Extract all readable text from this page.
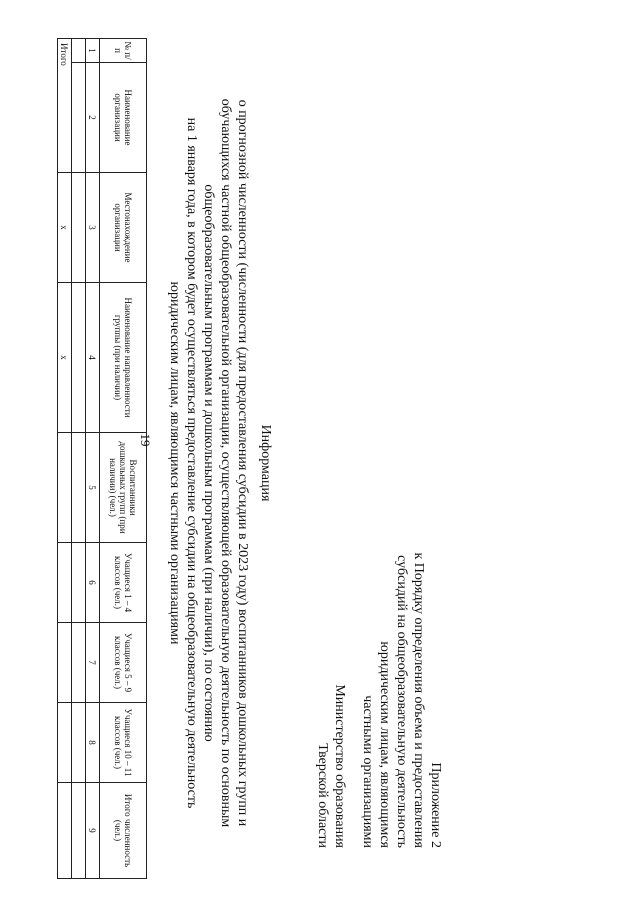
19
Приложение 2
к Порядку определения объема и предоставления
субсидий на общеобразовательную деятельность
юридическим лицам, являющимся
частными организациями
Министерство образования
Тверской области
Информация
о прогнозной численности (численности (для предоставления субсидии в 2023 году) воспитанников дошкольных групп и
обучающихся частной общеобразовательной организации, осуществляющей образовательную деятельность по основным
общеобразовательным программам и дошкольным программам (при наличии), по состоянию
на 1 января года, в котором будет осуществляться предоставление субсидии на общеобразовательную деятельность
юридическим лицам, являющимся частными организациями
№ п/п	Наименование организации	Местонахождение организации	Наименование направленности группы (при наличии)	Воспитанники дошкольных групп (при наличии) (чел.)	Учащиеся 1 – 4 классов (чел.)	Учащиеся 5 – 9 классов (чел.)	Учащиеся 10 – 11 классов (чел.)	Итого численность (чел.)
1	2	3	4	5	6	7	8	9

Итого		x	x					
